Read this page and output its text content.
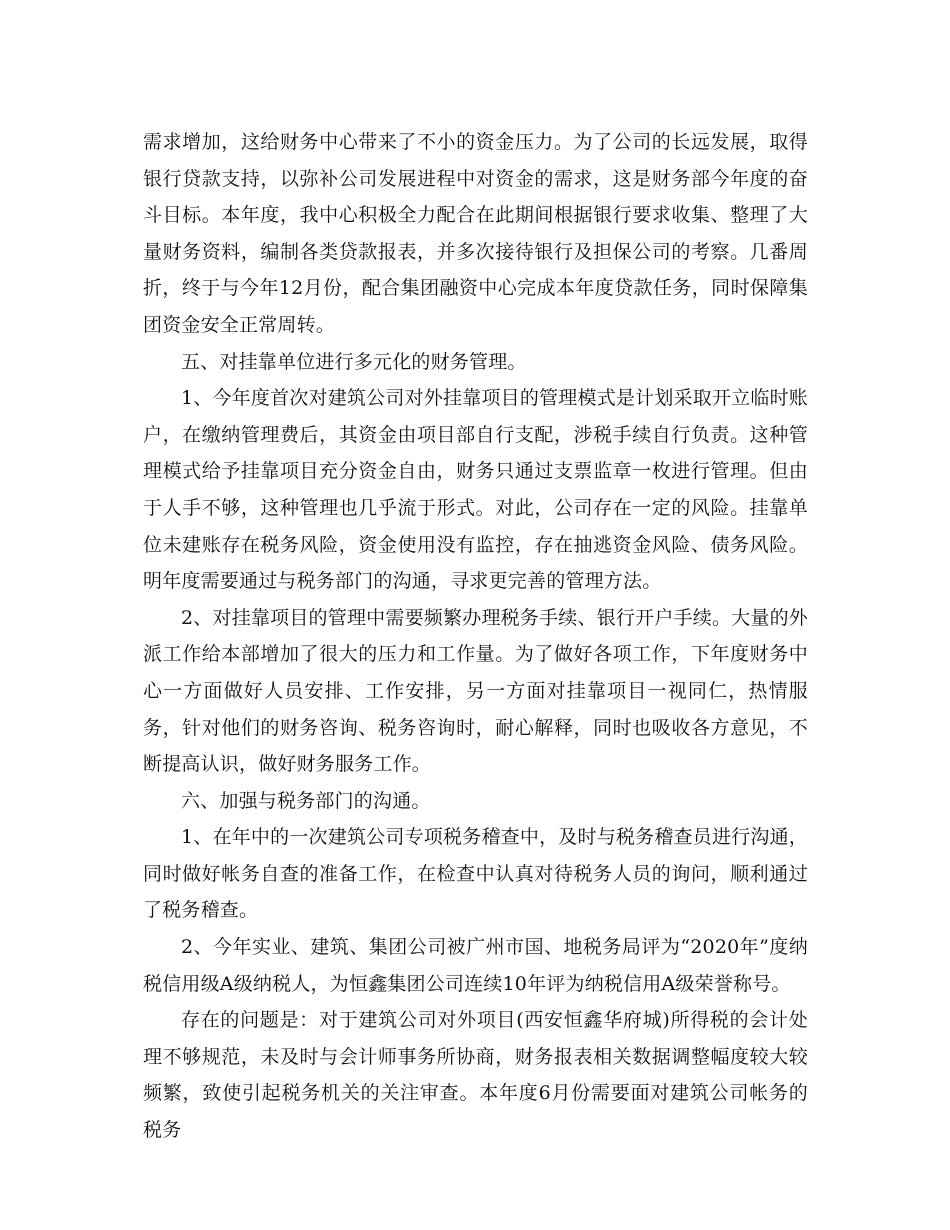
需求增加，这给财务中心带来了不小的资金压力。为了公司的长远发展，取得银行贷款支持，以弥补公司发展进程中对资金的需求，这是财务部今年度的奋斗目标。本年度，我中心积极全力配合在此期间根据银行要求收集、整理了大量财务资料，编制各类贷款报表，并多次接待银行及担保公司的考察。几番周折，终于与今年12月份，配合集团融资中心完成本年度贷款任务，同时保障集团资金安全正常周转。

五、对挂靠单位进行多元化的财务管理。

1、今年度首次对建筑公司对外挂靠项目的管理模式是计划采取开立临时账户，在缴纳管理费后，其资金由项目部自行支配，涉税手续自行负责。这种管理模式给予挂靠项目充分资金自由，财务只通过支票监章一枚进行管理。但由于人手不够，这种管理也几乎流于形式。对此，公司存在一定的风险。挂靠单位未建账存在税务风险，资金使用没有监控，存在抽逃资金风险、债务风险。明年度需要通过与税务部门的沟通，寻求更完善的管理方法。

2、对挂靠项目的管理中需要频繁办理税务手续、银行开户手续。大量的外派工作给本部增加了很大的压力和工作量。为了做好各项工作，下年度财务中心一方面做好人员安排、工作安排，另一方面对挂靠项目一视同仁，热情服务，针对他们的财务咨询、税务咨询时，耐心解释，同时也吸收各方意见，不断提高认识，做好财务服务工作。

六、加强与税务部门的沟通。

1、在年中的一次建筑公司专项税务稽查中，及时与税务稽查员进行沟通，同时做好帐务自查的准备工作，在检查中认真对待税务人员的询问，顺利通过了税务稽查。

2、今年实业、建筑、集团公司被广州市国、地税务局评为“2020年”度纳税信用级A级纳税人，为恒鑫集团公司连续10年评为纳税信用A级荣誉称号。

存在的问题是：对于建筑公司对外项目(西安恒鑫华府城)所得税的会计处理不够规范，未及时与会计师事务所协商，财务报表相关数据调整幅度较大较频繁，致使引起税务机关的关注审查。本年度6月份需要面对建筑公司帐务的税务
